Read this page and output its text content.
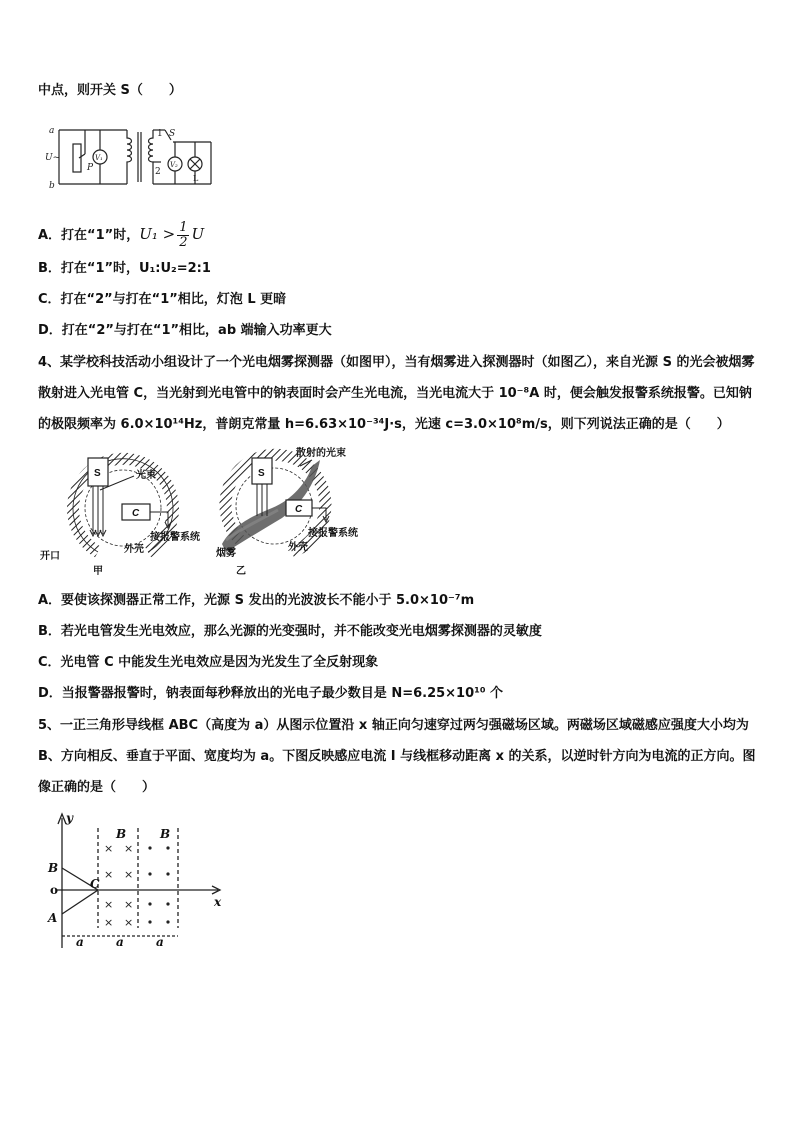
中点，则开关 S（　　）
a
b
U~
P
V₁
1 S
2
V₂
L
A．打在“1”时，$U_1 > \frac{1}{2}$ U
B．打在“1”时，U₁:U₂=2:1
C．打在“2”与打在“1”相比，灯泡 L 更暗
D．打在“2”与打在“1”相比，ab 端输入功率更大
4、某学校科技活动小组设计了一个光电烟雾探测器（如图甲），当有烟雾进入探测器时（如图乙），来自光源 S 的光会被烟雾散射进入光电管 C，当光射到光电管中的钠表面时会产生光电流，当光电流大于 10⁻⁸A 时，便会触发报警系统报警。已知钠的极限频率为 6.0×10¹⁴Hz，普朗克常量 h=6.63×10⁻³⁴J·s，光速 c=3.0×10⁸m/s，则下列说法正确的是（　　）
S	光束
C
接报警系统
外壳
开口
甲
S
散射的光束
C
接报警系统
外壳
烟雾
乙
A．要使该探测器正常工作，光源 S 发出的光波波长不能小于 5.0×10⁻⁷m
B．若光电管发生光电效应，那么光源的光变强时，并不能改变光电烟雾探测器的灵敏度
C．光电管 C 中能发生光电效应是因为光发生了全反射现象
D．当报警器报警时，钠表面每秒释放出的光电子最少数目是 N=6.25×10¹⁰ 个
5、一正三角形导线框 ABC（高度为 a）从图示位置沿 x 轴正向匀速穿过两匀强磁场区域。两磁场区域磁感应强度大小均为 B、方向相反、垂直于平面、宽度均为 a。下图反映感应电流 I 与线框移动距离 x 的关系，以逆时针方向为电流的正方向。图像正确的是（　　）
× ×
× ×
× ×
× ×
y
x
o
B
A
C
B	B
a	a	a
